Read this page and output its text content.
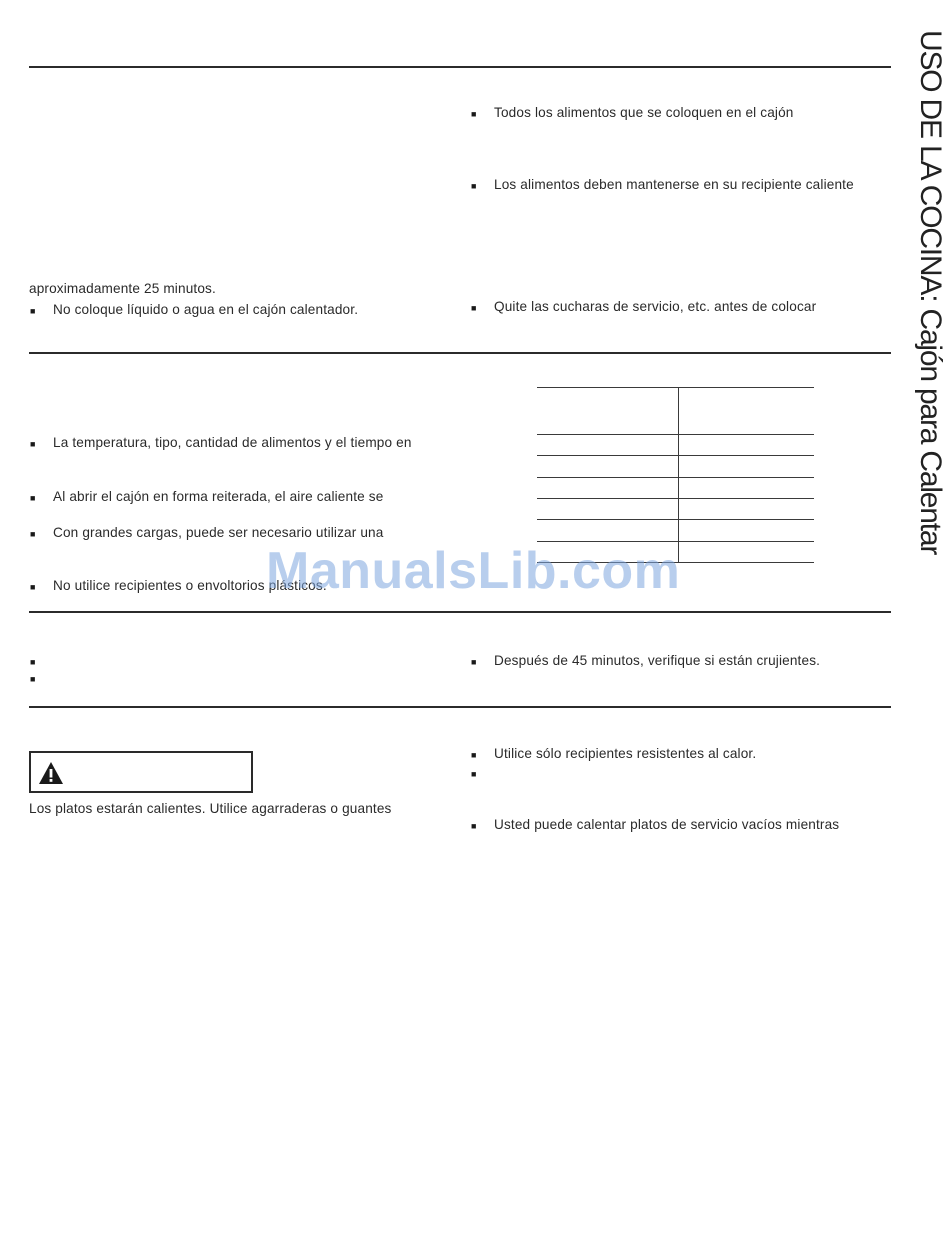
USO DE LA COCINA: Cajón para Calentar
■ Todos los alimentos que se coloquen en el cajón
■ Los alimentos deben mantenerse en su recipiente caliente
aproximadamente 25 minutos.
■ Quite las cucharas de servicio, etc. antes de colocar
■ No coloque líquido o agua en el cajón calentador.
■ La temperatura, tipo, cantidad de alimentos y el tiempo en
■ Al abrir el cajón en forma reiterada, el aire caliente se
■ Con grandes cargas, puede ser necesario utilizar una
■ No utilice recipientes o envoltorios plásticos.
■
■
■ Después de 45 minutos, verifique si están crujientes.
■ Utilice sólo recipientes resistentes al calor.
■
Los platos estarán calientes. Utilice agarraderas o guantes
■ Usted puede calentar platos de servicio vacíos mientras
ManualsLib.com
